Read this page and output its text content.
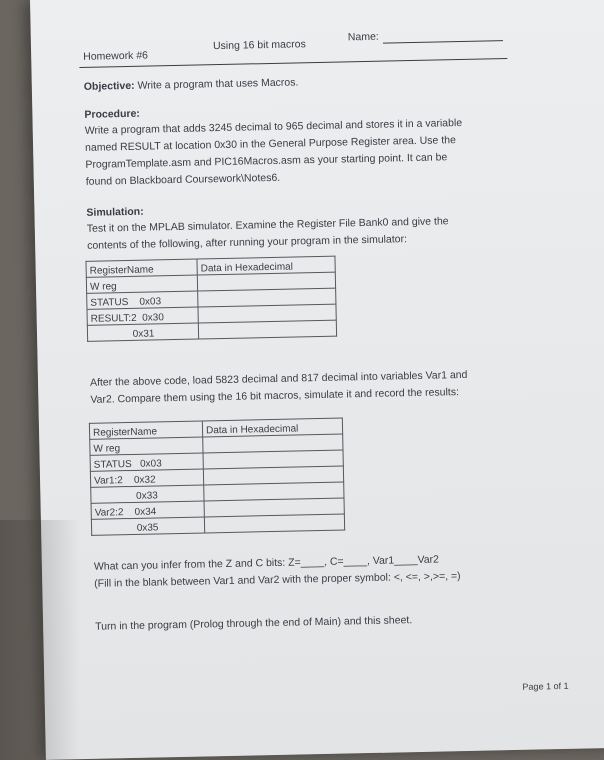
Homework #6
Using 16 bit macros
Name:
Objective: Write a program that uses Macros.
Procedure:
Write a program that adds 3245 decimal to 965 decimal and stores it in a variable
named RESULT at location 0x30 in the General Purpose Register area. Use the
ProgramTemplate.asm and PIC16Macros.asm as your starting point. It can be
found on Blackboard Coursework\Notes6.
Simulation:
Test it on the MPLAB simulator. Examine the Register File Bank0 and give the
contents of the following, after running your program in the simulator:
RegisterName	Data in Hexadecimal
W reg	
STATUS    0x03	
RESULT:2  0x30	
0x31	
After the above code, load 5823 decimal and 817 decimal into variables Var1 and
Var2. Compare them using the 16 bit macros, simulate it and record the results:
RegisterName	Data in Hexadecimal
W reg	
STATUS   0x03	
Var1:2    0x32	
0x33	
Var2:2    0x34	
0x35	
What can you infer from the Z and C bits: Z=____, C=____, Var1____Var2
(Fill in the blank between Var1 and Var2 with the proper symbol: <, <=, >,>=, =)
Turn in the program (Prolog through the end of Main) and this sheet.
Page 1 of 1
